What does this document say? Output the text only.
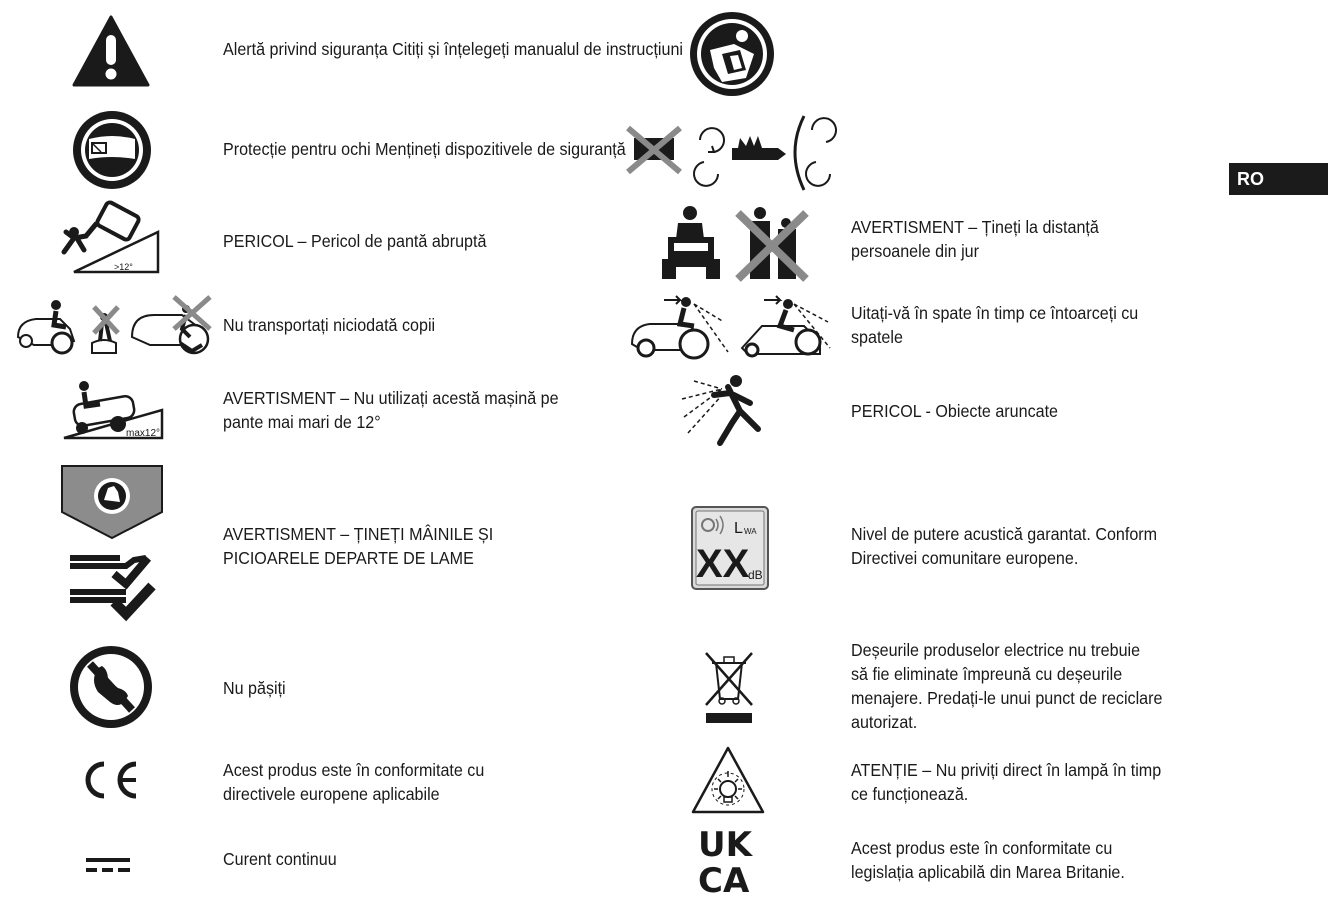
RO
>12°
max12°
Alertă privind siguranța Citiți și înțelegeți manualul de instrucțiuni
Protecție pentru ochi Mențineți dispozitivele de siguranță
PERICOL – Pericol de pantă abruptă
Nu transportați niciodată copii
AVERTISMENT – Nu utilizați acestă mașină pe
pante mai mari de 12°
AVERTISMENT – ȚINEȚI MÂINILE ȘI
PICIOARELE DEPARTE DE LAME
Nu pășiți
Acest produs este în conformitate cu
directivele europene aplicabile
Curent continuu
L WA
XX
dB
UK
CA
AVERTISMENT – Țineți la distanță
persoanele din jur
Uitați-vă în spate în timp ce întoarceți cu
spatele
PERICOL - Obiecte aruncate
Nivel de putere acustică garantat. Conform
Directivei comunitare europene.
Deșeurile produselor electrice nu trebuie
să fie eliminate împreună cu deșeurile
menajere. Predați-le unui punct de reciclare
autorizat.
ATENȚIE – Nu priviți direct în lampă în timp
ce funcționează.
Acest produs este în conformitate cu
legislația aplicabilă din Marea Britanie.
